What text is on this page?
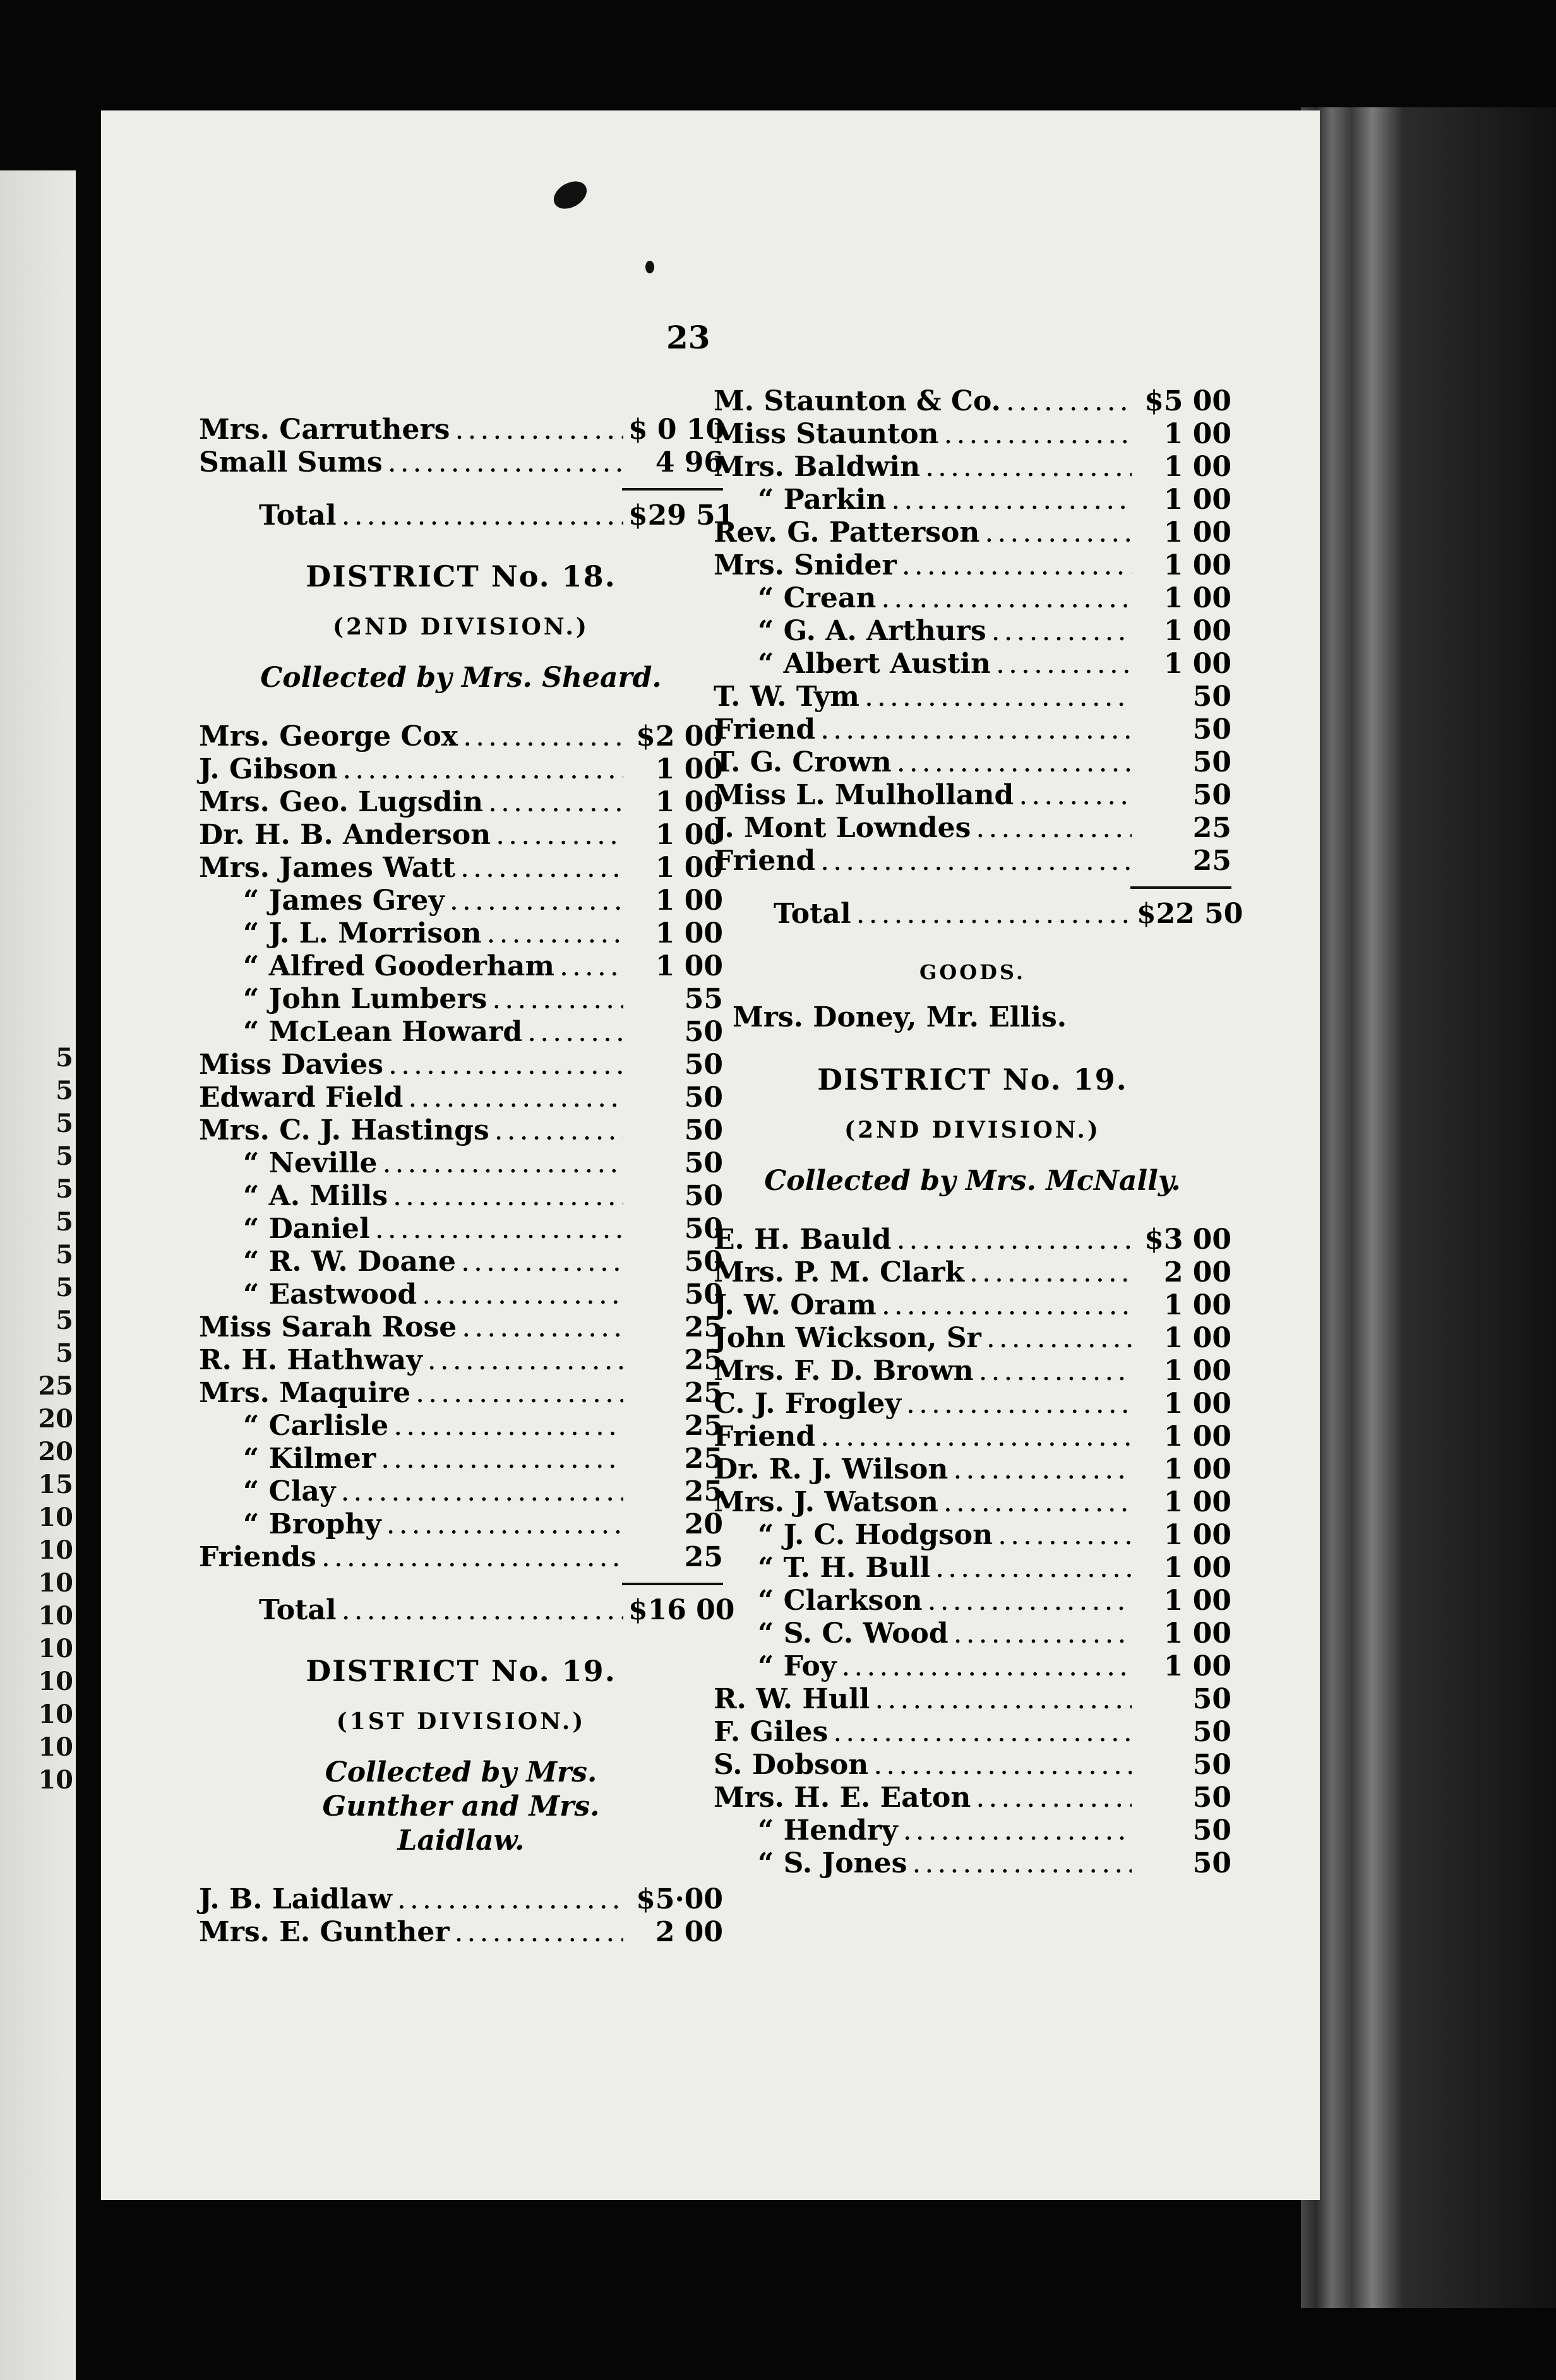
5
5
5
5
5
5
5
5
5
5
25
20
20
15
10
10
10
10
10
10
10
10
10
23
Mrs. Carruthers .....	$ 0 10
Small Sums .....	4 96
Total .....	$29 51
DISTRICT No. 18.
(2ND DIVISION.)
Collected by Mrs. Sheard.
Mrs. George Cox .....	$2 00
J. Gibson .....	1 00
Mrs. Geo. Lugsdin .....	1 00
Dr. H. B. Anderson .....	1 00
Mrs. James Watt .....	1 00
“ James Grey .....	1 00
“ J. L. Morrison .....	1 00
“ Alfred Gooderham .....	1 00
“ John Lumbers .....	55
“ McLean Howard .....	50
Miss Davies .....	50
Edward Field .....	50
Mrs. C. J. Hastings .....	50
“ Neville .....	50
“ A. Mills .....	50
“ Daniel .....	50
“ R. W. Doane .....	50
“ Eastwood .....	50
Miss Sarah Rose .....	25
R. H. Hathway .....	25
Mrs. Maquire .....	25
“ Carlisle .....	25
“ Kilmer .....	25
“ Clay .....	25
“ Brophy .....	20
Friends .....	25
Total .....	$16 00
DISTRICT No. 19.
(1ST DIVISION.)
Collected by Mrs. Gunther and Mrs. Laidlaw.
J. B. Laidlaw .....	$5·00
Mrs. E. Gunther .....	2 00
M. Staunton & Co. .....	$5 00
Miss Staunton .....	1 00
Mrs. Baldwin .....	1 00
“ Parkin .....	1 00
Rev. G. Patterson .....	1 00
Mrs. Snider .....	1 00
“ Crean .....	1 00
“ G. A. Arthurs .....	1 00
“ Albert Austin .....	1 00
T. W. Tym .....	50
Friend .....	50
T. G. Crown .....	50
Miss L. Mulholland .....	50
J. Mont Lowndes .....	25
Friend .....	25
Total .....	$22 50
GOODS.
Mrs. Doney, Mr. Ellis.
DISTRICT No. 19.
(2ND DIVISION.)
Collected by Mrs. McNally.
E. H. Bauld .....	$3 00
Mrs. P. M. Clark .....	2 00
J. W. Oram .....	1 00
John Wickson, Sr .....	1 00
Mrs. F. D. Brown .....	1 00
C. J. Frogley .....	1 00
Friend .....	1 00
Dr. R. J. Wilson .....	1 00
Mrs. J. Watson .....	1 00
“ J. C. Hodgson .....	1 00
“ T. H. Bull .....	1 00
“ Clarkson .....	1 00
“ S. C. Wood .....	1 00
“ Foy .....	1 00
R. W. Hull .....	50
F. Giles .....	50
S. Dobson .....	50
Mrs. H. E. Eaton .....	50
“ Hendry .....	50
“ S. Jones .....	50
